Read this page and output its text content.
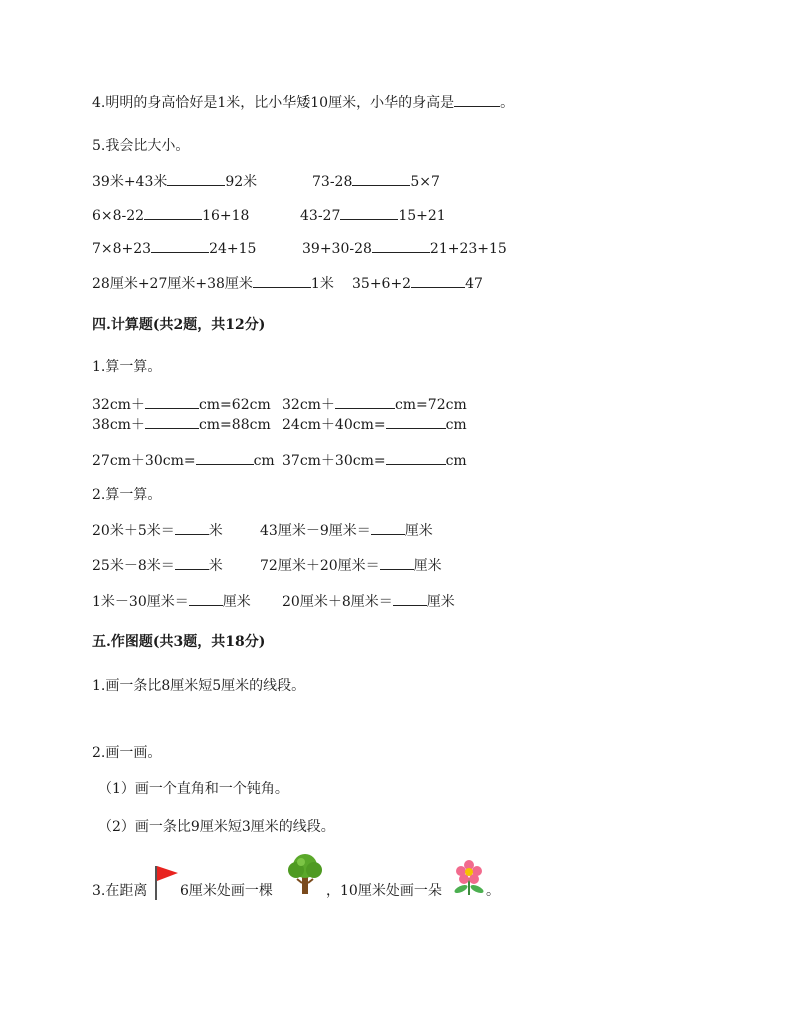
4.明明的身高恰好是1米，比小华矮10厘米，小华的身高是	。
5.我会比大小。
39米+43米	92米	73-28	5×7
6×8-22	16+18	43-27	15+21
7×8+23	24+15	39+30-28	21+23+15
28厘米+27厘米+38厘米	1米 35+6+2	47
四.计算题(共2题，共12分)
1.算一算。
32cm＋	cm=62cm 32cm＋	cm=72cm
38cm＋	cm=88cm 24cm＋40cm=	cm
27cm＋30cm=	cm 37cm＋30cm=	cm
2.算一算。
20米＋5米＝ 米	43厘米－9厘米＝ 厘米
25米－8米＝ 米	72厘米＋20厘米＝ 厘米
1米－30厘米＝ 厘米 20厘米＋8厘米＝ 厘米
五.作图题(共3题，共18分)
1.画一条比8厘米短5厘米的线段。
2.画一画。
（1）画一个直角和一个钝角。
（2）画一条比9厘米短3厘米的线段。
3.在距离 6厘米处画一棵	，10厘米处画一朵	。
